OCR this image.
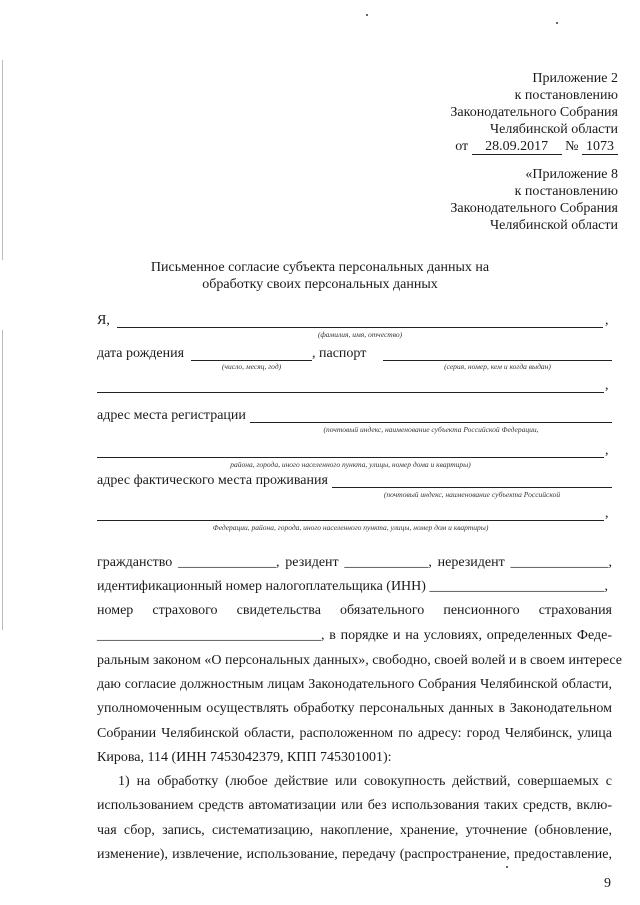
Приложение 2
к постановлению
Законодательного Собрания
Челябинской области
от 28.09.2017 № 1073
«Приложение 8
к постановлению
Законодательного Собрания
Челябинской области
Письменное согласие субъекта персональных данных на
обработку своих персональных данных
Я,	,
(фамилия, имя, отчество)
дата рождения
(число, месяц, год)
, паспорт
(серия, номер, кем и когда выдан)
,
адрес места регистрации
(почтовый индекс, наименование субъекта Российской Федерации,
,
района, города, иного населенного пункта, улицы, номер дома и квартиры)
адрес фактического места проживания
(почтовый индекс, наименование субъекта Российской
,
Федерации, района, города, иного населенного пункта, улицы, номер дом и квартиры)
гражданство ______________, резидент ____________, нерезидент ______________,
идентификационный номер налогоплательщика (ИНН) _________________________,
номер страхового свидетельства обязательного пенсионного страхования
________________________________, в порядке и на условиях, определенных Феде-
ральным законом «О персональных данных», свободно, своей волей и в своем интересе
даю согласие должностным лицам Законодательного Собрания Челябинской области,
уполномоченным осуществлять обработку персональных данных в Законодательном
Собрании Челябинской области, расположенном по адресу: город Челябинск, улица
Кирова, 114 (ИНН 7453042379, КПП 745301001):
1) на обработку (любое действие или совокупность действий, совершаемых с
использованием средств автоматизации или без использования таких средств, вклю-
чая сбор, запись, систематизацию, накопление, хранение, уточнение (обновление,
изменение), извлечение, использование, передачу (распространение, предоставление,
9
